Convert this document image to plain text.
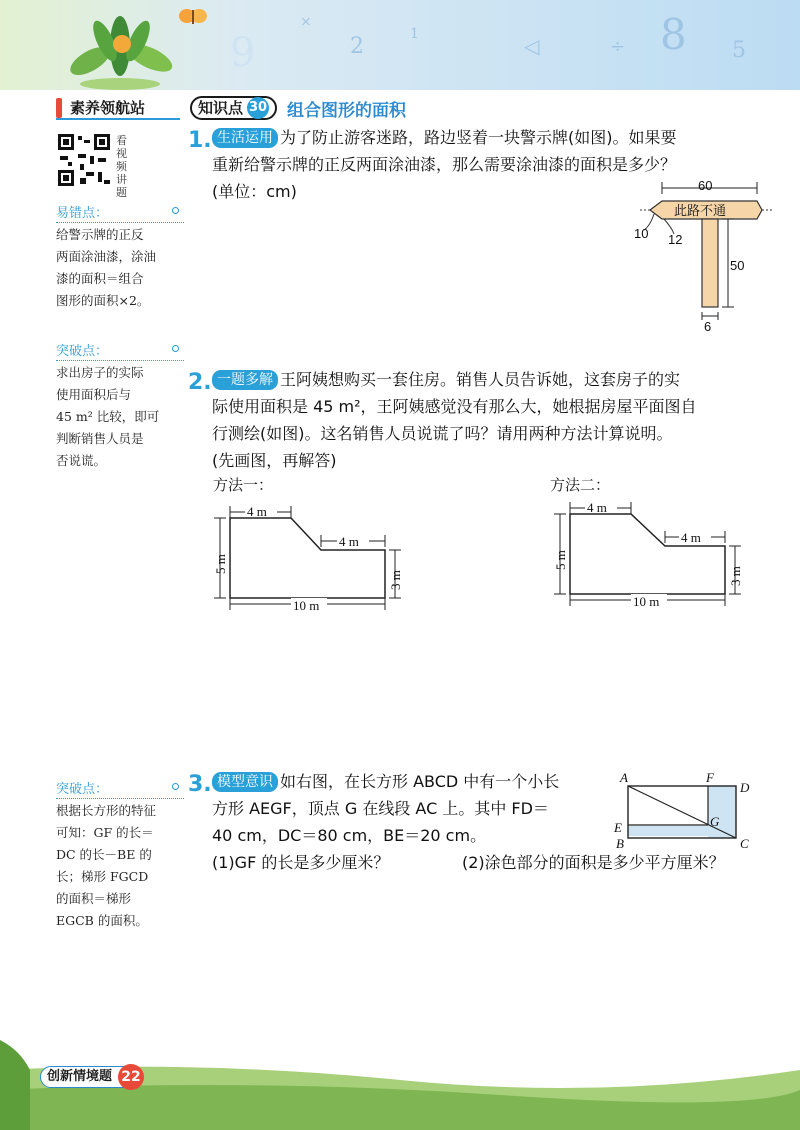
9	2	1	◁	÷ 8 5
×
素养领航站
看视频讲题
易错点：
给警示牌的正反
两面涂油漆，涂油
漆的面积＝组合
图形的面积×2。
突破点：
求出房子的实际
使用面积后与
45 m² 比较，即可
判断销售人员是
否说谎。
突破点：
根据长方形的特征
可知：GF 的长＝
DC 的长－BE 的
长；梯形 FGCD
的面积＝梯形
EGCB 的面积。
知识点 30 组合图形的面积
1. 生活运用 为了防止游客迷路，路边竖着一块警示牌(如图)。如果要
重新给警示牌的正反两面涂油漆，那么需要涂油漆的面积是多少？
(单位：cm)	60
此路不通
50
6
10 12
2. 一题多解 王阿姨想购买一套住房。销售人员告诉她，这套房子的实
际使用面积是 45 m²，王阿姨感觉没有那么大，她根据房屋平面图自
行测绘(如图)。这名销售人员说谎了吗？请用两种方法计算说明。
(先画图，再解答)
方法一：	方法二：
4 m
4 m
5 m
3 m
10 m
4 m
4 m
5 m
3 m
10 m
3. 模型意识 如右图，在长方形 ABCD 中有一个小长
方形 AEGF，顶点 G 在线段 AC 上。其中 FD＝
40 cm，DC＝80 cm，BE＝20 cm。
(1)GF 的长是多少厘米？	(2)涂色部分的面积是多少平方厘米？
A	F
D
E	G
B	C
创新情境题 22
